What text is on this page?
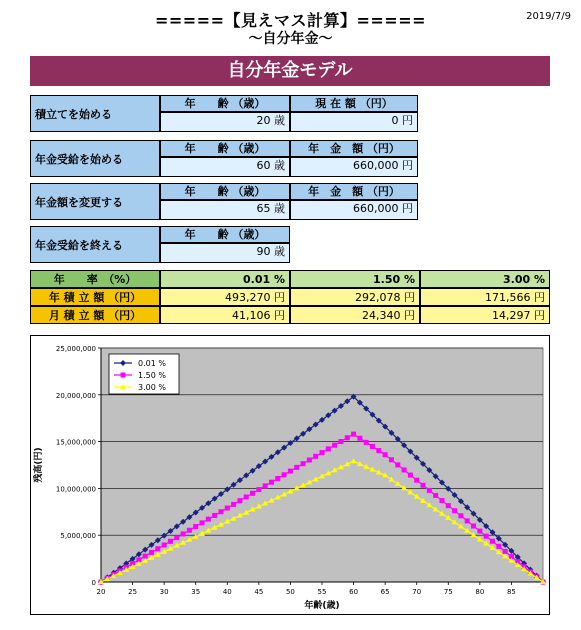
=====【見えマス計算】=====
～自分年金～
2019/7/9
自分年金モデル
積立てを始める
年　　齢 （歳）	現 在 額 （円）
20 歳	0 円
年金受給を始める
年　　齢 （歳）	年　金　額 （円）
60 歳	660,000 円
年金額を変更する
年　　齢 （歳）	年　金　額 （円）
65 歳	660,000 円
年金受給を終える
年　　齢 （歳）
90 歳
年　　率　（%）	0.01 %	1.50 %	3.00 %
年 積 立 額 （円）	493,270 円	292,078 円	171,566 円
月 積 立 額 （円）	41,106 円	24,340 円	14,297 円
0
5,000,000
10,000,000
15,000,000
20,000,000
25,000,000
20	25	30	35	40	45	50	55	60	65	70	75	80	85
年齢(歳)
残高(円)
0.01 %
1.50 %
3.00 %
